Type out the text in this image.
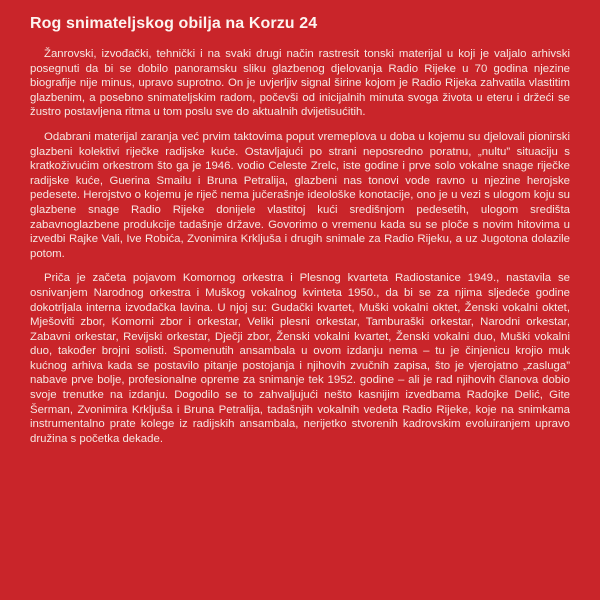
Rog snimateljskog obilja na Korzu 24

Žanrovski, izvođački, tehnički i na svaki drugi način rastresit tonski materijal u koji je valjalo arhivski posegnuti da bi se dobilo panoramsku sliku glazbenog djelovanja Radio Rijeke u 70 godina njezine biografije nije minus, upravo suprotno. On je uvjerljiv signal širine kojom je Radio Rijeka zahvatila vlastitim glazbenim, a posebno snimateljskim radom, počevši od inicijalnih minuta svoga života u eteru i držeći se žustro postavljena ritma u tom poslu sve do aktualnih dvijetisućitih.

Odabrani materijal zaranja već prvim taktovima poput vremeplova u doba u kojemu su djelovali pionirski glazbeni kolektivi riječke radijske kuće. Ostavljajući po strani neposredno poratnu, „nultu” situaciju s kratkoživućim orkestrom što ga je 1946. vodio Celeste Zrelc, iste godine i prve solo vokalne snage riječke radijske kuće, Guerina Smailu i Bruna Petralija, glazbeni nas tonovi vode ravno u njezine herojske pedesete. Herojstvo o kojemu je riječ nema jučerašnje ideološke konotacije, ono je u vezi s ulogom koju su glazbene snage Radio Rijeke donijele vlastitoj kući središnjom pedesetih, ulogom središta zabavnoglazbene produkcije tadašnje države. Govorimo o vremenu kada su se ploče s novim hitovima u izvedbi Rajke Vali, Ive Robića, Zvonimira Krkljuša i drugih snimale za Radio Rijeku, a uz Jugotona dolazile potom.

Priča je začeta pojavom Komornog orkestra i Plesnog kvarteta Radiostanice 1949., nastavila se osnivanjem Narodnog orkestra i Muškog vokalnog kvinteta 1950., da bi se za njima sljedeće godine dokotrljala interna izvođačka lavina. U njoj su: Gudački kvartet, Muški vokalni oktet, Ženski vokalni oktet, Mješoviti zbor, Komorni zbor i orkestar, Veliki plesni orkestar, Tamburaški orkestar, Narodni orkestar, Zabavni orkestar, Revijski orkestar, Dječji zbor, Ženski vokalni kvartet, Ženski vokalni duo, Muški vokalni duo, također brojni solisti. Spomenutih ansambala u ovom izdanju nema – tu je činjenicu krojio muk kućnog arhiva kada se postavilo pitanje postojanja i njihovih zvučnih zapisa, što je vjerojatno „zasluga” nabave prve bolje, profesionalne opreme za snimanje tek 1952. godine – ali je rad njihovih članova dobio svoje trenutke na izdanju. Dogodilo se to zahvaljujući nešto kasnijim izvedbama Radojke Delić, Gite Šerman, Zvonimira Krkljuša i Bruna Petralija, tadašnjih vokalnih vedeta Radio Rijeke, koje na snimkama instrumentalno prate kolege iz radijskih ansambala, nerijetko stvorenih kadrovskim evoluiranjem upravo družina s početka dekade.
